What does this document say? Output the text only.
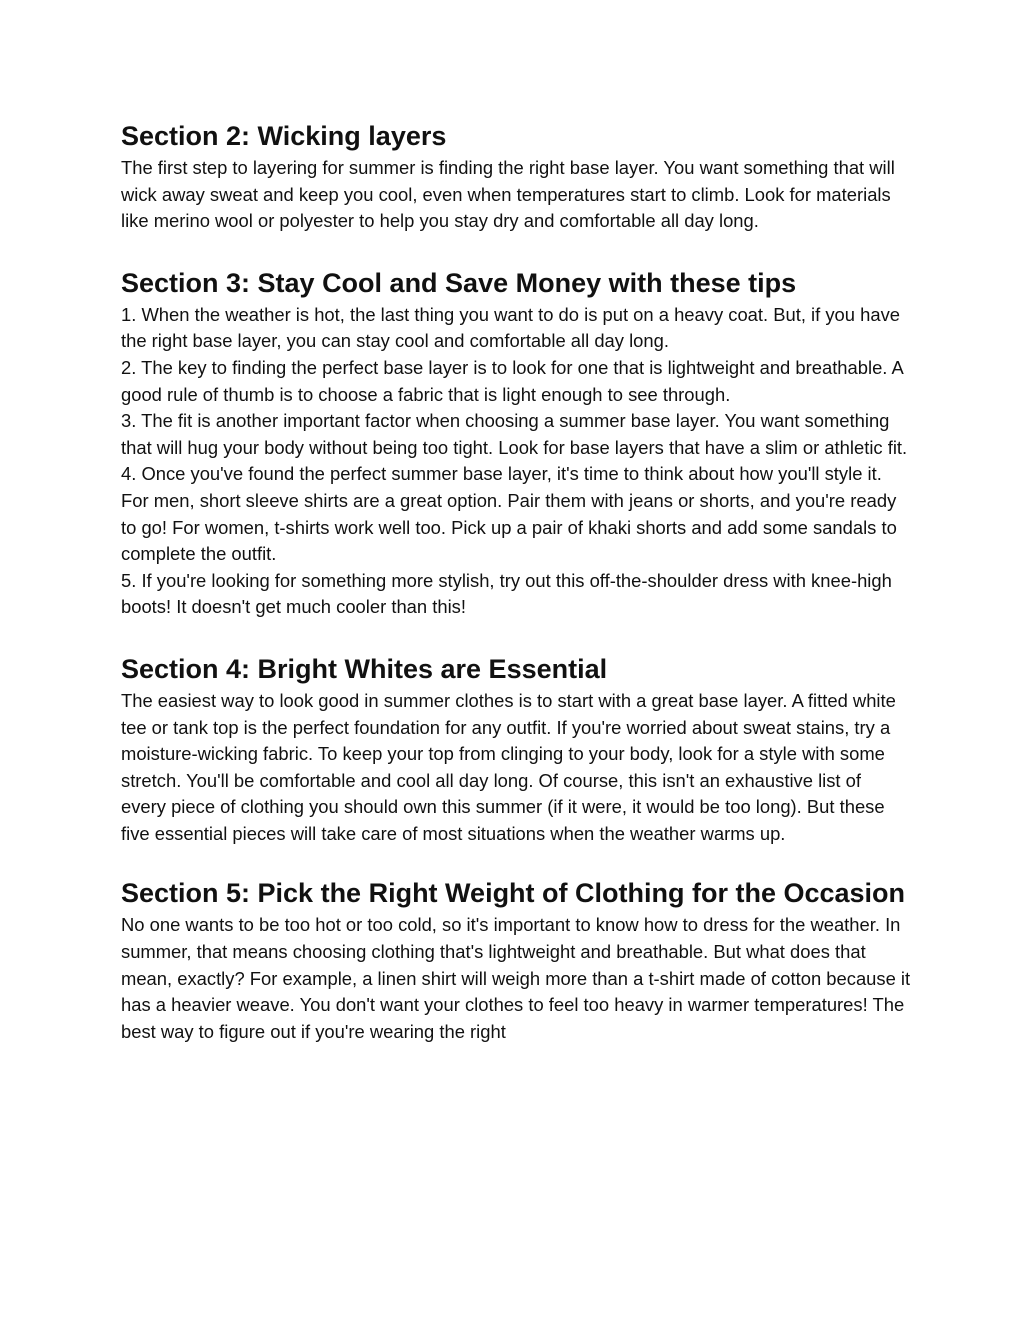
Section 2: Wicking layers

The first step to layering for summer is finding the right base layer. You want something that will wick away sweat and keep you cool, even when temperatures start to climb. Look for materials like merino wool or polyester to help you stay dry and comfortable all day long.

Section 3: Stay Cool and Save Money with these tips

1. When the weather is hot, the last thing you want to do is put on a heavy coat. But, if you have the right base layer, you can stay cool and comfortable all day long.

2. The key to finding the perfect base layer is to look for one that is lightweight and breathable. A good rule of thumb is to choose a fabric that is light enough to see through.

3. The fit is another important factor when choosing a summer base layer. You want something that will hug your body without being too tight. Look for base layers that have a slim or athletic fit.

4. Once you've found the perfect summer base layer, it's time to think about how you'll style it. For men, short sleeve shirts are a great option. Pair them with jeans or shorts, and you're ready to go! For women, t-shirts work well too. Pick up a pair of khaki shorts and add some sandals to complete the outfit.

5. If you're looking for something more stylish, try out this off-the-shoulder dress with knee-high boots! It doesn't get much cooler than this!

Section 4: Bright Whites are Essential

The easiest way to look good in summer clothes is to start with a great base layer. A fitted white tee or tank top is the perfect foundation for any outfit. If you're worried about sweat stains, try a moisture-wicking fabric. To keep your top from clinging to your body, look for a style with some stretch. You'll be comfortable and cool all day long. Of course, this isn't an exhaustive list of every piece of clothing you should own this summer (if it were, it would be too long). But these five essential pieces will take care of most situations when the weather warms up.

Section 5: Pick the Right Weight of Clothing for the Occasion

No one wants to be too hot or too cold, so it's important to know how to dress for the weather. In summer, that means choosing clothing that's lightweight and breathable. But what does that mean, exactly? For example, a linen shirt will weigh more than a t-shirt made of cotton because it has a heavier weave. You don't want your clothes to feel too heavy in warmer temperatures! The best way to figure out if you're wearing the right
